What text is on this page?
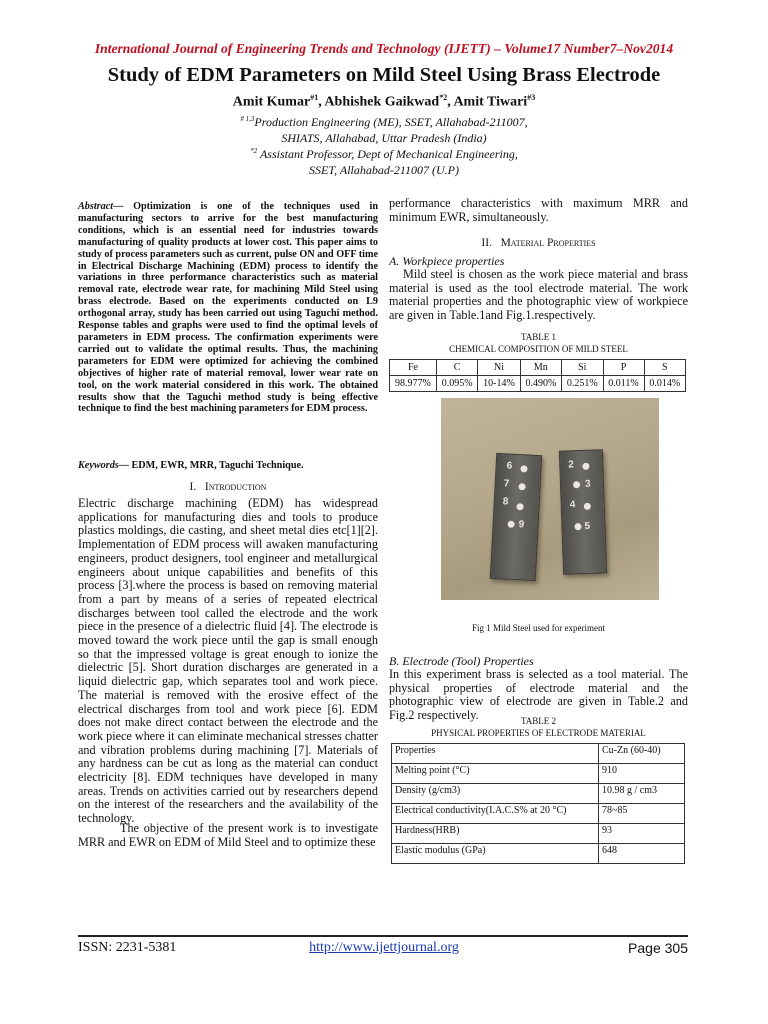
International Journal of Engineering Trends and Technology (IJETT) – Volume17 Number7–Nov2014
Study of EDM Parameters on Mild Steel Using Brass Electrode
Amit Kumar$^{\#1}$, Abhishek Gaikwad$^{*2}$, Amit Tiwari$^{\#3}$
$^{\# 1,3}$Production Engineering (ME), SSET, Allahabad-211007,
SHIATS, Allahabad, Uttar Pradesh (India)
$^{*2}$ Assistant Professor, Dept of Mechanical Engineering,
SSET, Allahabad-211007 (U.P)
Abstract— Optimization is one of the techniques used in manufacturing sectors to arrive for the best manufacturing conditions, which is an essential need for industries towards manufacturing of quality products at lower cost. This paper aims to study of process parameters such as current, pulse ON and OFF time in Electrical Discharge Machining (EDM) process to identify the variations in three performance characteristics such as material removal rate, electrode wear rate, for machining Mild Steel using brass electrode. Based on the experiments conducted on L9 orthogonal array, study has been carried out using Taguchi method. Response tables and graphs were used to find the optimal levels of parameters in EDM process. The confirmation experiments were carried out to validate the optimal results. Thus, the machining parameters for EDM were optimized for achieving the combined objectives of higher rate of material removal, lower wear rate on tool, on the work material considered in this work. The obtained results show that the Taguchi method study is being effective technique to find the best machining parameters for EDM process.
Keywords— EDM, EWR, MRR, Taguchi Technique.
I. Introduction
Electric discharge machining (EDM) has widespread applications for manufacturing dies and tools to produce plastics moldings, die casting, and sheet metal dies etc[1][2]. Implementation of EDM process will awaken manufacturing engineers, product designers, tool engineer and metallurgical engineers about unique capabilities and benefits of this process [3].where the process is based on removing material from a part by means of a series of repeated electrical discharges between tool called the electrode and the work piece in the presence of a dielectric fluid [4]. The electrode is moved toward the work piece until the gap is small enough so that the impressed voltage is great enough to ionize the dielectric [5]. Short duration discharges are generated in a liquid dielectric gap, which separates tool and work piece. The material is removed with the erosive effect of the electrical discharges from tool and work piece [6]. EDM does not make direct contact between the electrode and the work piece where it can eliminate mechanical stresses chatter and vibration problems during machining [7]. Materials of any hardness can be cut as long as the material can conduct electricity [8]. EDM techniques have developed in many areas. Trends on activities carried out by researchers depend on the interest of the researchers and the availability of the technology.
The objective of the present work is to investigate MRR and EWR on EDM of Mild Steel and to optimize these
performance characteristics with maximum MRR and minimum EWR, simultaneously.
II. Material Properties
A. Workpiece properties
Mild steel is chosen as the work piece material and brass material is used as the tool electrode material. The work material properties and the photographic view of workpiece are given in Table.1and Fig.1.respectively.
TABLE 1
CHEMICAL COMPOSITION OF MILD STEEL
Fe	C	Ni	Mn	Si	P	S
98.977%	0.095%	10-14%	0.490%	0.251%	0.011%	0.014%
6
7
8
9
2
3
4
5
Fig 1 Mild Steel used for experiment
B. Electrode (Tool) Properties
In this experiment brass is selected as a tool material. The physical properties of electrode material and the photographic view of electrode are given in Table.2 and Fig.2 respectively.	TABLE 2
PHYSICAL PROPERTIES OF ELECTRODE MATERIAL
Properties	Cu-Zn (60-40)
Melting point (°C)	910
Density (g/cm3)	10.98 g / cm3
Electrical conductivity(I.A.C.S% at 20 °C)	78~85
Hardness(HRB)	93
Elastic modulus (GPa)	648
ISSN: 2231-5381	http://www.ijettjournal.org	Page 305
